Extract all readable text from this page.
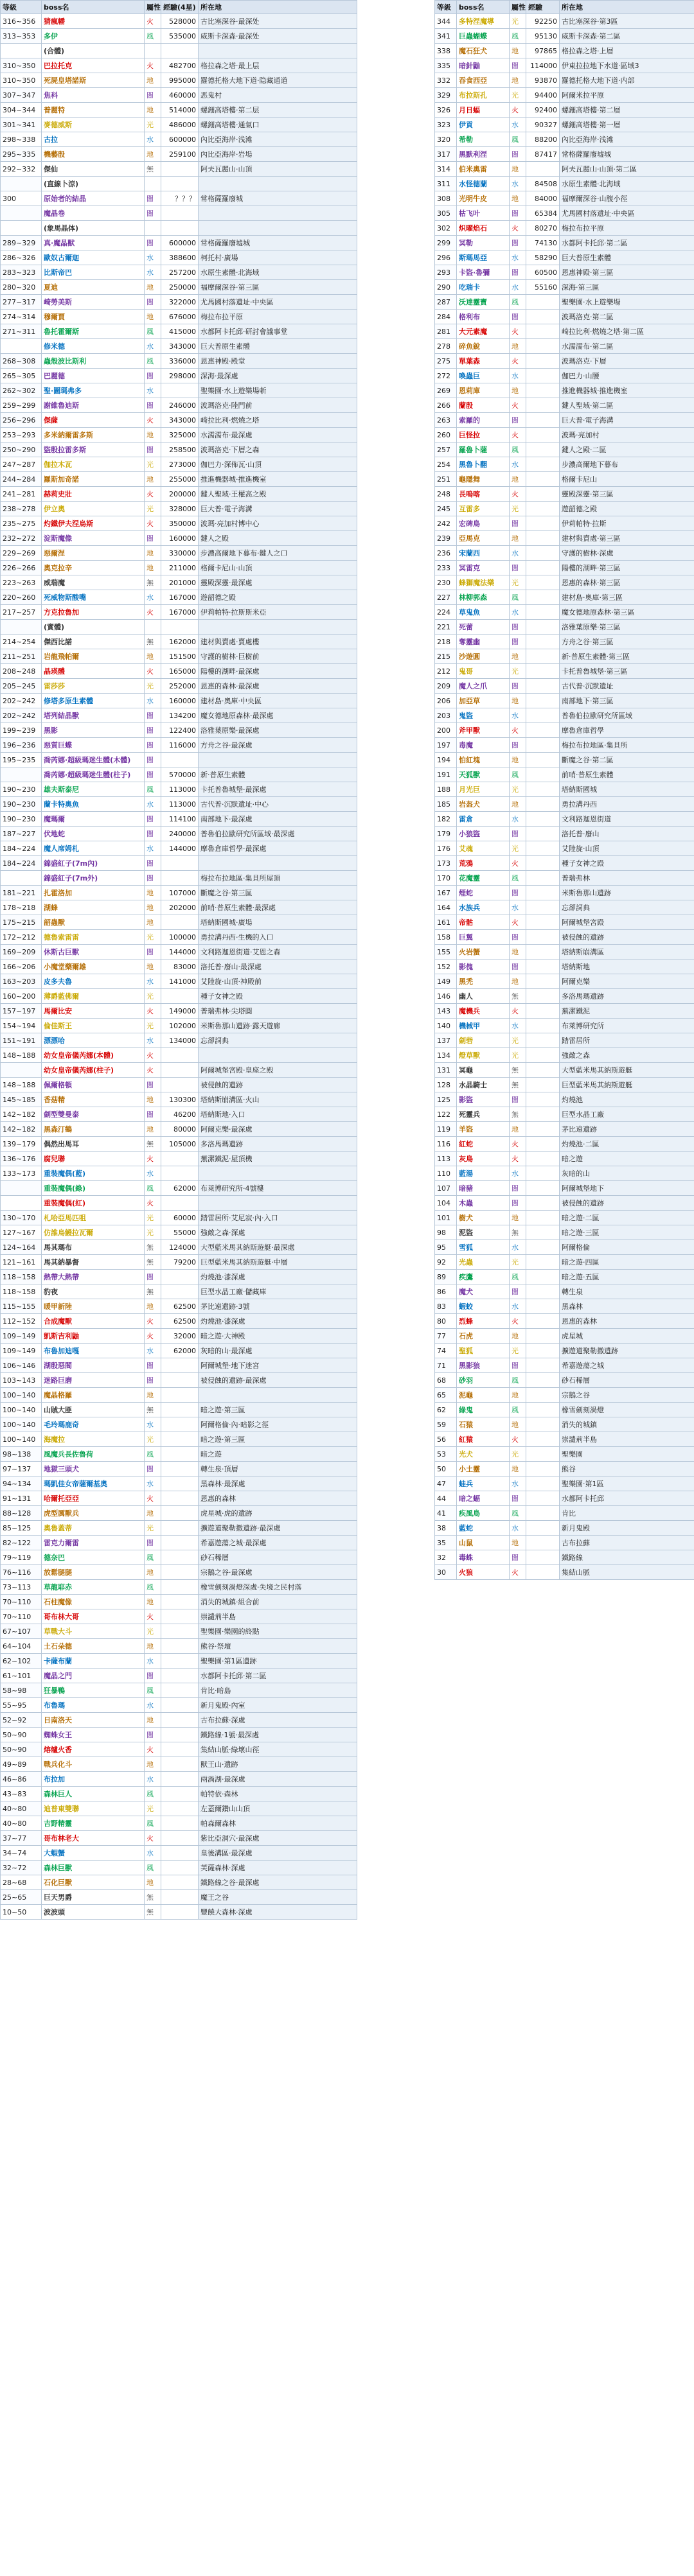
等級	boss名	屬性	經驗(4星)	所在地
316~356	猜瘋幡	火	528000	古比塞深谷·最深处
313~353	多伊	風	535000	威斯卡深森·最深处
	(合體)			
310~350	巴拉托克	火	482700	格拉森之塔·最上层
310~350	死屍皇塔諾斯	地	995000	羅德托格大地下道·隐藏通道
307~347	焦科	闇	460000	恶鬼村
304~344	普麗特	地	514000	螺鈿高塔樓·第二层
301~341	麥德威斯	光	486000	螺鈿高塔樓·通氣口
298~338	古拉	水	600000	內比亞海岸·浅滩
295~335	機藝殷	地	259100	內比亞海岸·岩場
292~332	傑仙	無		阿夫瓦麗山·山頂
	(直線卜涼)			
300	原始者的結晶	闇	？？？	常格薩羅廢城
	魔晶卷	闇		
	(象馬晶体)			
289~329	真·魔晶獸	闇	600000	常格薩羅廢墟城
286~326	歐奴古爾迦	水	388600	柯托村·廣場
283~323	比斯帝巴	水	257200	水原生素體·北海域
280~320	夏迪	地	250000	福摩爾深谷·第三區
277~317	崎勞美斯	闇	322000	尤馬國村落遺址·中央區
274~314	穆爾賈	地	676000	梅拉布拉平原
271~311	魯托霍爾斯	風	415000	水都阿卡托邱·研討會議事堂
	修米德	水	343000	巨大普原生素體
268~308	蟲殼波比斯利	風	336000	恩惠神殿·殿堂
265~305	巴麗德	闇	298000	深海·最深處
262~302	聖·圖瑪弗多	水		聖樂園·水上遊樂場斬
259~299	謝維魯迪斯	闇	246000	波瑪洛克·陸門前
256~296	傑薩	火	343000	崎拉比利·燃燒之塔
253~293	多米納爾雷多斯	地	325000	水濡濡布·最深處
250~290	盜殷拉雷多斯	闇	258500	波瑪洛克·下層之森
247~287	伽拉木瓦	光	273000	伽巴力·深佈瓦·山頂
244~284	羅斯加奇諾	地	255000	推進機器城·推進機室
241~281	赫莉史壯	火	200000	鍵人聖域·王權高之殿
238~278	伊立奧	光	328000	巨大普·電子海溝
235~275	灼鐵伊夫涅烏斯	火	350000	波瑪·亮加村博中心
232~272	淀斯魔像	闇	160000	鍵人之殿
229~269	惡爾涅	地	330000	步濃高爾地下暮布·鍵人之口
226~266	奧克拉辛	地	211000	格爾卡尼山·山頂
223~263	威瑞魔	無	201000	靈殿深靈·最深處
220~260	死威物斯酸嘴	水	167000	遊韶德之殿
217~257	方克拉魯加	火	167000	伊莉帕特·拉斯斯米亞
	(實體)			
214~254	傑西比諾	無	162000	建材與賣處·賣處樓
211~251	岩龍飛帕爾	地	151500	守護的樹林·巨樹前
208~248	晶瑛體	火	165000	陽樓的湖畔·最深處
205~245	雷莎莎	光	252000	恩惠的森林·最深處
202~242	修塔多原生素體	水	160000	建材島·奧庫·中央區
202~242	塔列結晶獸	闇	134200	魔女德地原森林·最深處
199~239	黑影	闇	122400	洛雅葉原樂·最深處
196~236	惡質巨蝶	闇	116000	方舟之谷·最深處
195~235	喬芮娜·超級瑪迷生體(木體)	闇		
	喬芮娜·超級瑪迷生體(柱子)	闇	570000	新·普原生素體
190~230	雄夫斯泰尼	風	113000	卡托普魯城堡·最深處
190~230	蘭卡特奧魚	水	113000	古代普·沉默遺址·中心
190~230	魔瑪爾	闇	114100	南部地下·最深處
187~227	伏地蛇	闇	240000	普魯伯拉歐研究所區域·最深處
184~224	魔人席姆札	水	144000	摩魯倉庫哲學·最深處
184~224	錦盛紅子(7m內)	闇		
	錦盛紅子(7m外)	闇		梅拉布拉地區·集貝所屋頂
181~221	扎霍洛加	地	107000	斷魔之谷·第三區
178~218	湖蜂	地	202000	前哨·普原生素體·最深處
175~215	韶蟲獸	地		塔納斯國城·廣場
172~212	德魯索雷雷	光	100000	勇拉溝丹西·生機的入口
169~209	休斯古巨獸	闇	144000	文利路迦恩街道·艾恩之森
166~206	小魔堂藥爾雄	地	83000	洛托普·廢山·最深處
163~203	皮多夫魯	水	141000	艾陸旋·山頂·神殿前
160~200	薄爵藍佛爾	光		種子女神之殿
157~197	馬爾比安	火	149000	普瑞弗林·尖塔圓
154~194	倫佳斯王	光	102000	米斯魯那山遺跡·露天遊廊
151~191	漂漂哈	水	134000	忘卻詞典
148~188	幼女皇帝儀芮娜(本體)	火		
	幼女皇帝儀芮娜(柱子)	火		阿爾城堡宮殿·皇座之殿
148~188	佩爾格頓	闇		被侵蝕的遺跡
145~185	香菇精	地	130300	塔納斯崩溝區·火山
142~182	劍型雙曼泰	闇	46200	塔納斯地·入口
142~182	黑森汀鶴	地	80000	阿爾克樂·最深處
139~179	偶然出馬耳	無	105000	多洛馬瑪遺跡
136~176	腐兒聯	火		蕪潔鐵泥·屋頂機
133~173	重裝魔偶(藍)	水		
	重裝魔偶(綠)	風	62000	布萊博研究所·4號樓
	重裝魔偶(紅)	火		
130~170	札哈亞馬匹咀	光	60000	踏雷居所·艾尼寂·內·入口
127~167	仿誰烏鰻拉瓦爾	光	55000	強敵之森·深處
124~164	馬其瑪布	無	124000	大型藍米馬其納斯遊艇·最深處
121~161	馬其納暴督	無	79200	巨型藍米馬其納斯遊艇·中層
118~158	熱帶大熱帶	闇		灼燒池·漆深處
118~158	豹夜	無		巨型水晶工廠·儲藏庫
115~155	暖甲新陸	地	62500	茅比遠遺跡·3號
112~152	合成魔獸	火	62500	灼燒池·漆深處
109~149	凱斯吉利鼬	火	32000	暗之遊·大神殿
109~149	布魯加迪嘎	水	62000	灰暗的山·最深處
106~146	湖殷惡閻	闇		阿爾城堡·地下迷宮
103~143	迷路巨磨	闇		被侵蝕的遺跡·最深處
100~140	魔晶格羅	地		
100~140	山賊大匪	無		暗之遊·第三區
100~140	毛玲瑪鹿奇	水		阿爾格倫·內·暗影之徑
100~140	海魔拉	光		暗之遊·第三區
98~138	風魔兵長佐魯荷	風		暗之遊
97~137	地獄三頭犬	闇		轉生泉·頂層
94~134	瑪凱佳女帝薩爾基奧	水		黑森林·最深處
91~131	哈爾托亞亞	火		恩惠的森林
88~128	虎型厲獸兵	地		虎星城·虎的遺跡
85~125	奧魯蓋蒂	光		擴遊道聚勒撒遺跡·最深處
82~122	雷克力爾雷	闇		希嘉遊蕩之城·最深處
79~119	德奈巴	風		砂石稀層
76~116	放鬆腿腿	地		宗鵝之谷·最深處
73~113	草龍耶赤	風		橡雪劍刻渦燈深處·失境之民村落
70~110	石柱魔像	地		消失的城鎮·組合前
70~110	哥布林大哥	火		崇譴荊半島
67~107	草戰大斗	光		聖樂園·樂園的終點
64~104	土石朵德	地		熊谷·祭壇
62~102	卡薩布蘭	水		聖樂園·第1區遺跡
61~101	魔晶之門	闇		水都阿卡托邱·第二區
58~98	狂暴鴨	風		肯比·暗島
55~95	布魯瑪	水		新月鬼殿·內室
52~92	日南洛天	地		古布拉蘇·深處
50~90	蜘蛛女王	闇		鐵路線·1號·最深處
50~90	熔爐火香	火		集結山脈·綠壞山徑
49~89	戰兵化斗	地		獸王山·遺跡
46~86	布拉加	水		兩渦湖·最深處
43~83	森林巨人	風		帕特依·森林
40~80	迪普東雙聯	光		左蓋爾鑽山山頂
40~80	吉野精靈	風		帕森爾森林
37~77	哥布林老大	火		紫比亞洞穴·最深處
34~74	大蝦蟹	水		皇後溝區·最深處
32~72	森林巨獸	風		芙薩森林·深處
28~68	石化巨獸	地		鐵路線之谷·最深處
25~65	巨天男爵	無		魔王之谷
10~50	波波頭	無		豐饒大森林·深處
等級	boss名	屬性	經驗	所在地
344	多特涅魔導	光	92250	古比塞深谷·第3區
341	巨蟲蝴蝶	風	95130	威斯卡深森·第二區
338	魔石狂犬	地	97865	格拉森之塔·上層
335	暗針鼬	闇	114000	伊東拉拉地下水道·區域3
332	吞食西亞	地	93870	羅德托格大地下道·内部
329	布拉斯孔	光	94400	阿爾米拉平原
326	月日蝠	火	92400	螺鈿高塔樓·第二層
323	伊貢	水	90327	螺鈿高塔樓·第一層
320	希勒	風	88200	內比亞海岸·浅滩
317	黑默利涅	闇	87417	常格薩羅廢墟城
314	伯米奧雷	地		阿夫瓦麗山·山頂·第二區
311	水怪德蘭	水	84508	水原生素體·北海域
308	光明牛皮	地	84000	福摩爾深谷·山腹小徑
305	枯飞叶	闇	65384	尤馬國村落遺址·中央區
302	炽曜焰石	火	80270	梅拉布拉平原
299	冥勒	闇	74130	水都阿卡托邱·第二區
296	斯瑪馬亞	水	58290	巨大普原生素體
293	卡盜·魯彌	闇	60500	恩惠神殿·第三區
290	吃瑞卡	水	55160	深海·第三區
287	沃達靈寶	風		聖樂園·水上遊樂場
284	格利布	闇		波瑪洛克·第二區
281	大元素魔	火		崎拉比利·燃燒之塔·第二區
278	碎魚銳	地		水濡濡布·第二區
275	單葉森	火		波瑪洛克·下層
272	喚蟲巨	水		伽巴力·山腰
269	恩莉庫	地		推進機器城·推進機室
266	蘭殷	火		鍵人聖域·第二區
263	索羅的	闇		巨大普·電子海溝
260	巨怪拉	火		波瑪·亮加村
257	羅魯卜薩	風		鍵人之殿·二區
254	黑魯卜翻	水		步濃高爾地下暮布
251	龜隱舞	地		格爾卡尼山
248	長嗚喀	火		靈殿深靈·第三區
245	互雷多	光		遊韶德之殿
242	宏碑鳥	闇		伊莉帕特·拉斯
239	亞馬克	地		建材與賣處·第三區
236	宋蘭西	水		守護的樹林·深處
233	冥雷克	闇		陽樓的湖畔·第三區
230	蜂獅魔法樂	光		恩惠的森林·第三區
227	林柳郭森	風		建材島·奧庫·第三區
224	草鬼魚	水		魔女德地原森林·第三區
221	死蕾	闇		洛雅葉原樂·第三區
218	奪靈幽	闇		方舟之谷·第三區
215	沙遊圓	地		新·普原生素體·第三區
212	鬼哥	光		卡托普魯城堡·第三區
209	魔人之爪	闇		古代普·沉默遺址
206	加亞草	地		南部地下·第三區
203	鬼盜	水		普魯伯拉歐研究所區域
200	斧甲獸	火		摩魯倉庫哲學
197	毒魔	闇		梅拉布拉地區·集貝所
194	怕紅塊	地		斷魔之谷·第二區
191	天狐獸	風		前哨·普原生素體
188	月光巨	光		塔納斯國城
185	岩盔犬	地		勇拉溝丹西
182	雷倉	水		文利路迦恩街道
179	小狼盜	闇		洛托普·廢山
176	艾魂	光		艾陸旋·山頂
173	荒鴉	火		種子女神之殿
170	花魔靈	風		普瑞弗林
167	煙蛇	闇		米斯魯那山遺跡
164	水族兵	水		忘卻詞典
161	帝骷	火		阿爾城堡宮殿
158	巨翼	闇		被侵蝕的遺跡
155	火岩蟹	地		塔納斯崩溝區
152	影傀	闇		塔納斯地
149	黑禿	地		阿爾克樂
146	幽人	無		多洛馬瑪遺跡
143	魔機兵	火		蕪潔鐵泥
140	機械甲	水		布萊博研究所
137	劍砦	光		踏雷居所
134	燈草獸	光		強敵之森
131	冥龜	無		大型藍米馬其納斯遊艇
128	水晶騎士	無		巨型藍米馬其納斯遊艇
125	影盜	闇		灼燒池
122	死靈兵	無		巨型水晶工廠
119	羊盜	地		茅比遠遺跡
116	紅蛇	火		灼燒池·二區
113	灰鳥	火		暗之遊
110	藍湯	水		灰暗的山
107	暗豬	闇		阿爾城堡地下
104	木蟲	闇		被侵蝕的遺跡
101	樹犬	地		暗之遊·二區
98	泥盜	無		暗之遊·三區
95	雪狐	水		阿爾格倫
92	光蟲	光		暗之遊·四區
89	疾鷹	風		暗之遊·五區
86	魔犬	闇		轉生泉
83	蝦蛟	水		黑森林
80	烈蜂	火		恩惠的森林
77	石虎	地		虎星城
74	聖狐	光		擴遊道聚勒撒遺跡
71	黑影狼	闇		希嘉遊蕩之城
68	砂羽	風		砂石稀層
65	泥龜	地		宗鵝之谷
62	綠鬼	風		橡雪劍刻渦燈
59	石猿	地		消失的城鎮
56	紅猿	火		崇譴荊半島
53	光犬	光		聖樂園
50	小土靈	地		熊谷
47	蛙兵	水		聖樂園·第1區
44	暗之蝠	闇		水都阿卡托邱
41	疾風鳥	風		肯比
38	藍蛇	水		新月鬼殿
35	山鼠	地		古布拉蘇
32	毒蛛	闇		鐵路線
30	火狼	火		集結山脈
